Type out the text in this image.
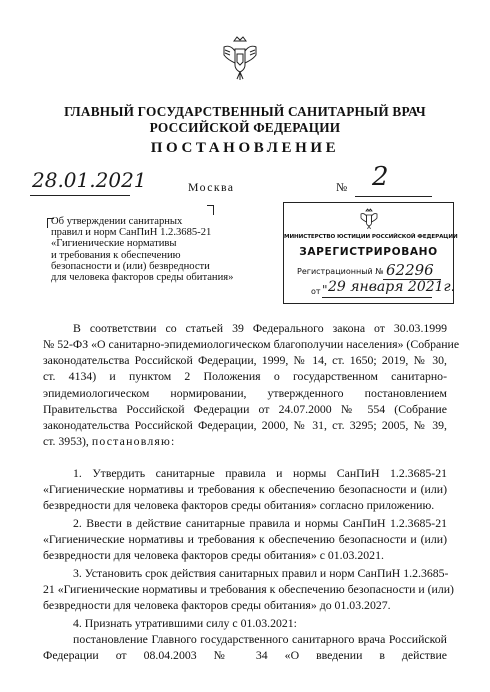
ГЛАВНЫЙ ГОСУДАРСТВЕННЫЙ САНИТАРНЫЙ ВРАЧ
РОССИЙСКОЙ ФЕДЕРАЦИИ
ПОСТАНОВЛЕНИЕ
28.01.2021	Москва	№ 2
Об утверждении санитарных
правил и норм СанПиН 1.2.3685-21
«Гигиенические нормативы
и требования к обеспечению
безопасности и (или) безвредности
для человека факторов среды обитания»
МИНИСТЕРСТВО ЮСТИЦИИ РОССИЙСКОЙ ФЕДЕРАЦИИ
ЗАРЕГИСТРИРОВАНО
Регистрационный № 62296
от " 29 января 2021г.
В соответствии со статьей 39 Федерального закона от 30.03.1999
№ 52-ФЗ «О санитарно-эпидемиологическом благополучии населения» (Собрание
законодательства Российской Федерации, 1999, № 14, ст. 1650; 2019, № 30,
ст. 4134) и пунктом 2 Положения о государственном санитарно-
эпидемиологическом нормировании, утвержденного постановлением
Правительства Российской Федерации от 24.07.2000 № 554 (Собрание
законодательства Российской Федерации, 2000, № 31, ст. 3295; 2005, № 39,
ст. 3953), постановляю:
1. Утвердить санитарные правила и нормы СанПиН 1.2.3685-21
«Гигиенические нормативы и требования к обеспечению безопасности и (или)
безвредности для человека факторов среды обитания» согласно приложению.
2. Ввести в действие санитарные правила и нормы СанПиН 1.2.3685-21
«Гигиенические нормативы и требования к обеспечению безопасности и (или)
безвредности для человека факторов среды обитания» с 01.03.2021.
3. Установить срок действия санитарных правил и норм СанПиН 1.2.3685-
21 «Гигиенические нормативы и требования к обеспечению безопасности и (или)
безвредности для человека факторов среды обитания» до 01.03.2027.
4. Признать утратившими силу с 01.03.2021:
постановление Главного государственного санитарного врача Российской
Федерации от 08.04.2003 № 34 «О введении в действие
